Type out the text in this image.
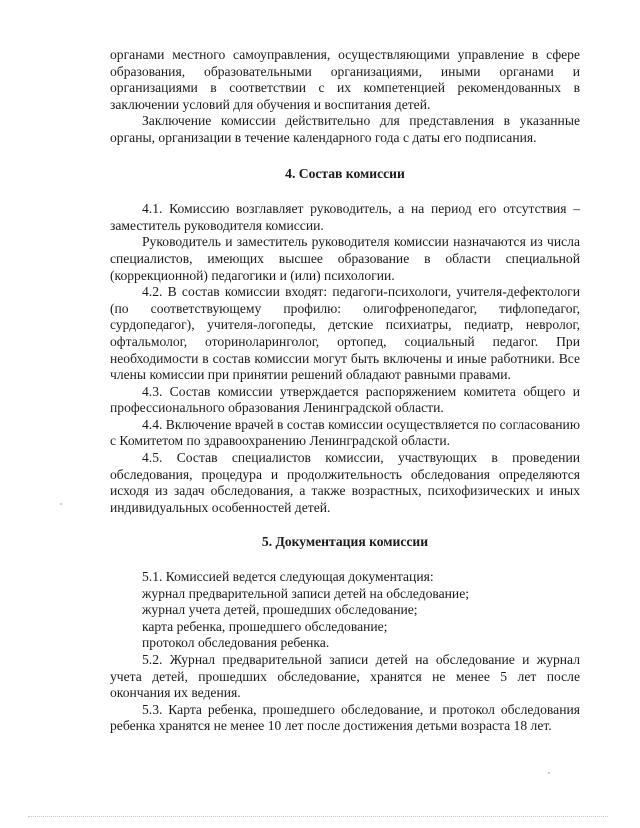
органами местного самоуправления, осуществляющими управление в сфере образования, образовательными организациями, иными органами и организациями в соответствии с их компетенцией рекомендованных в заключении условий для обучения и воспитания детей.

Заключение комиссии действительно для представления в указанные органы, организации в течение календарного года с даты его подписания.

4. Состав комиссии

4.1. Комиссию возглавляет руководитель, а на период его отсутствия – заместитель руководителя комиссии.

Руководитель и заместитель руководителя комиссии назначаются из числа специалистов, имеющих высшее образование в области специальной (коррекционной) педагогики и (или) психологии.

4.2. В состав комиссии входят: педагоги-психологи, учителя-дефектологи (по соответствующему профилю: олигофренопедагог, тифлопедагог, сурдопедагог), учителя-логопеды, детские психиатры, педиатр, невролог, офтальмолог, оториноларинголог, ортопед, социальный педагог. При необходимости в состав комиссии могут быть включены и иные работники. Все члены комиссии при принятии решений обладают равными правами.

4.3. Состав комиссии утверждается распоряжением комитета общего и профессионального образования Ленинградской области.

4.4. Включение врачей в состав комиссии осуществляется по согласованию с Комитетом по здравоохранению Ленинградской области.

4.5. Состав специалистов комиссии, участвующих в проведении обследования, процедура и продолжительность обследования определяются исходя из задач обследования, а также возрастных, психофизических и иных индивидуальных особенностей детей.

5. Документация комиссии

5.1. Комиссией ведется следующая документация:

журнал предварительной записи детей на обследование;

журнал учета детей, прошедших обследование;

карта ребенка, прошедшего обследование;

протокол обследования ребенка.

5.2. Журнал предварительной записи детей на обследование и журнал учета детей, прошедших обследование, хранятся не менее 5 лет после окончания их ведения.

5.3. Карта ребенка, прошедшего обследование, и протокол обследования ребенка хранятся не менее 10 лет после достижения детьми возраста 18 лет.
